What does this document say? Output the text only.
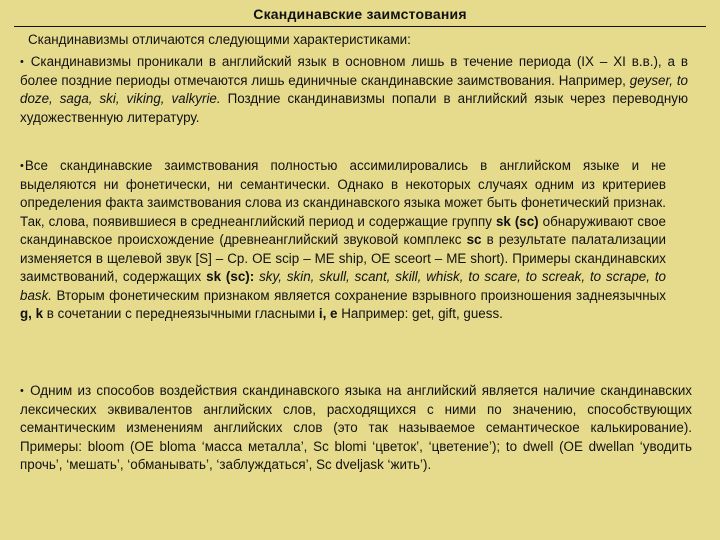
Скандинавские заимстования
Скандинавизмы отличаются следующими характеристиками:
• Скандинавизмы проникали в английский язык в основном лишь в течение периода (IX – XI в.в.), а в более поздние периоды отмечаются лишь единичные скандинавские заимствования. Например, geyser, to doze, saga, ski, viking, valkyrie. Поздние скандинавизмы попали в английский язык через переводную художественную литературу.
•Все скандинавские заимствования полностью ассимилировались в английском языке и не выделяются ни фонетически, ни семантически. Однако в некоторых случаях одним из критериев определения факта заимствования слова из скандинавского языка может быть фонетический признак. Так, слова, появившиеся в среднеанглийский период и содержащие группу sk (sc) обнаруживают свое скандинавское происхождение (древнеанглийский звуковой комплекс sc в результате палатализации изменяется в щелевой звук [S] – Ср. OE scip – ME ship, OE sceort – ME short). Примеры скандинавских заимствований, содержащих sk (sc): sky, skin, skull, scant, skill, whisk, to scare, to screak, to scrape, to bask. Вторым фонетическим признаком является сохранение взрывного произношения заднеязычных g, k в сочетании с переднеязычными гласными i, e Например: get, gift, guess.
• Одним из способов воздействия скандинавского языка на английский является наличие скандинавских лексических эквивалентов английских слов, расходящихся с ними по значению, способствующих семантическим изменениям английских слов (это так называемое семантическое калькирование). Примеры: bloom (OE bloma ‘масса металла’, Sc blomi ‘цветок’, ‘цветение’); to dwell (OE dwellan ‘уводить прочь’, ‘мешать’, ‘обманывать’, ‘заблуждаться’, Sc dveljask ‘жить’).
